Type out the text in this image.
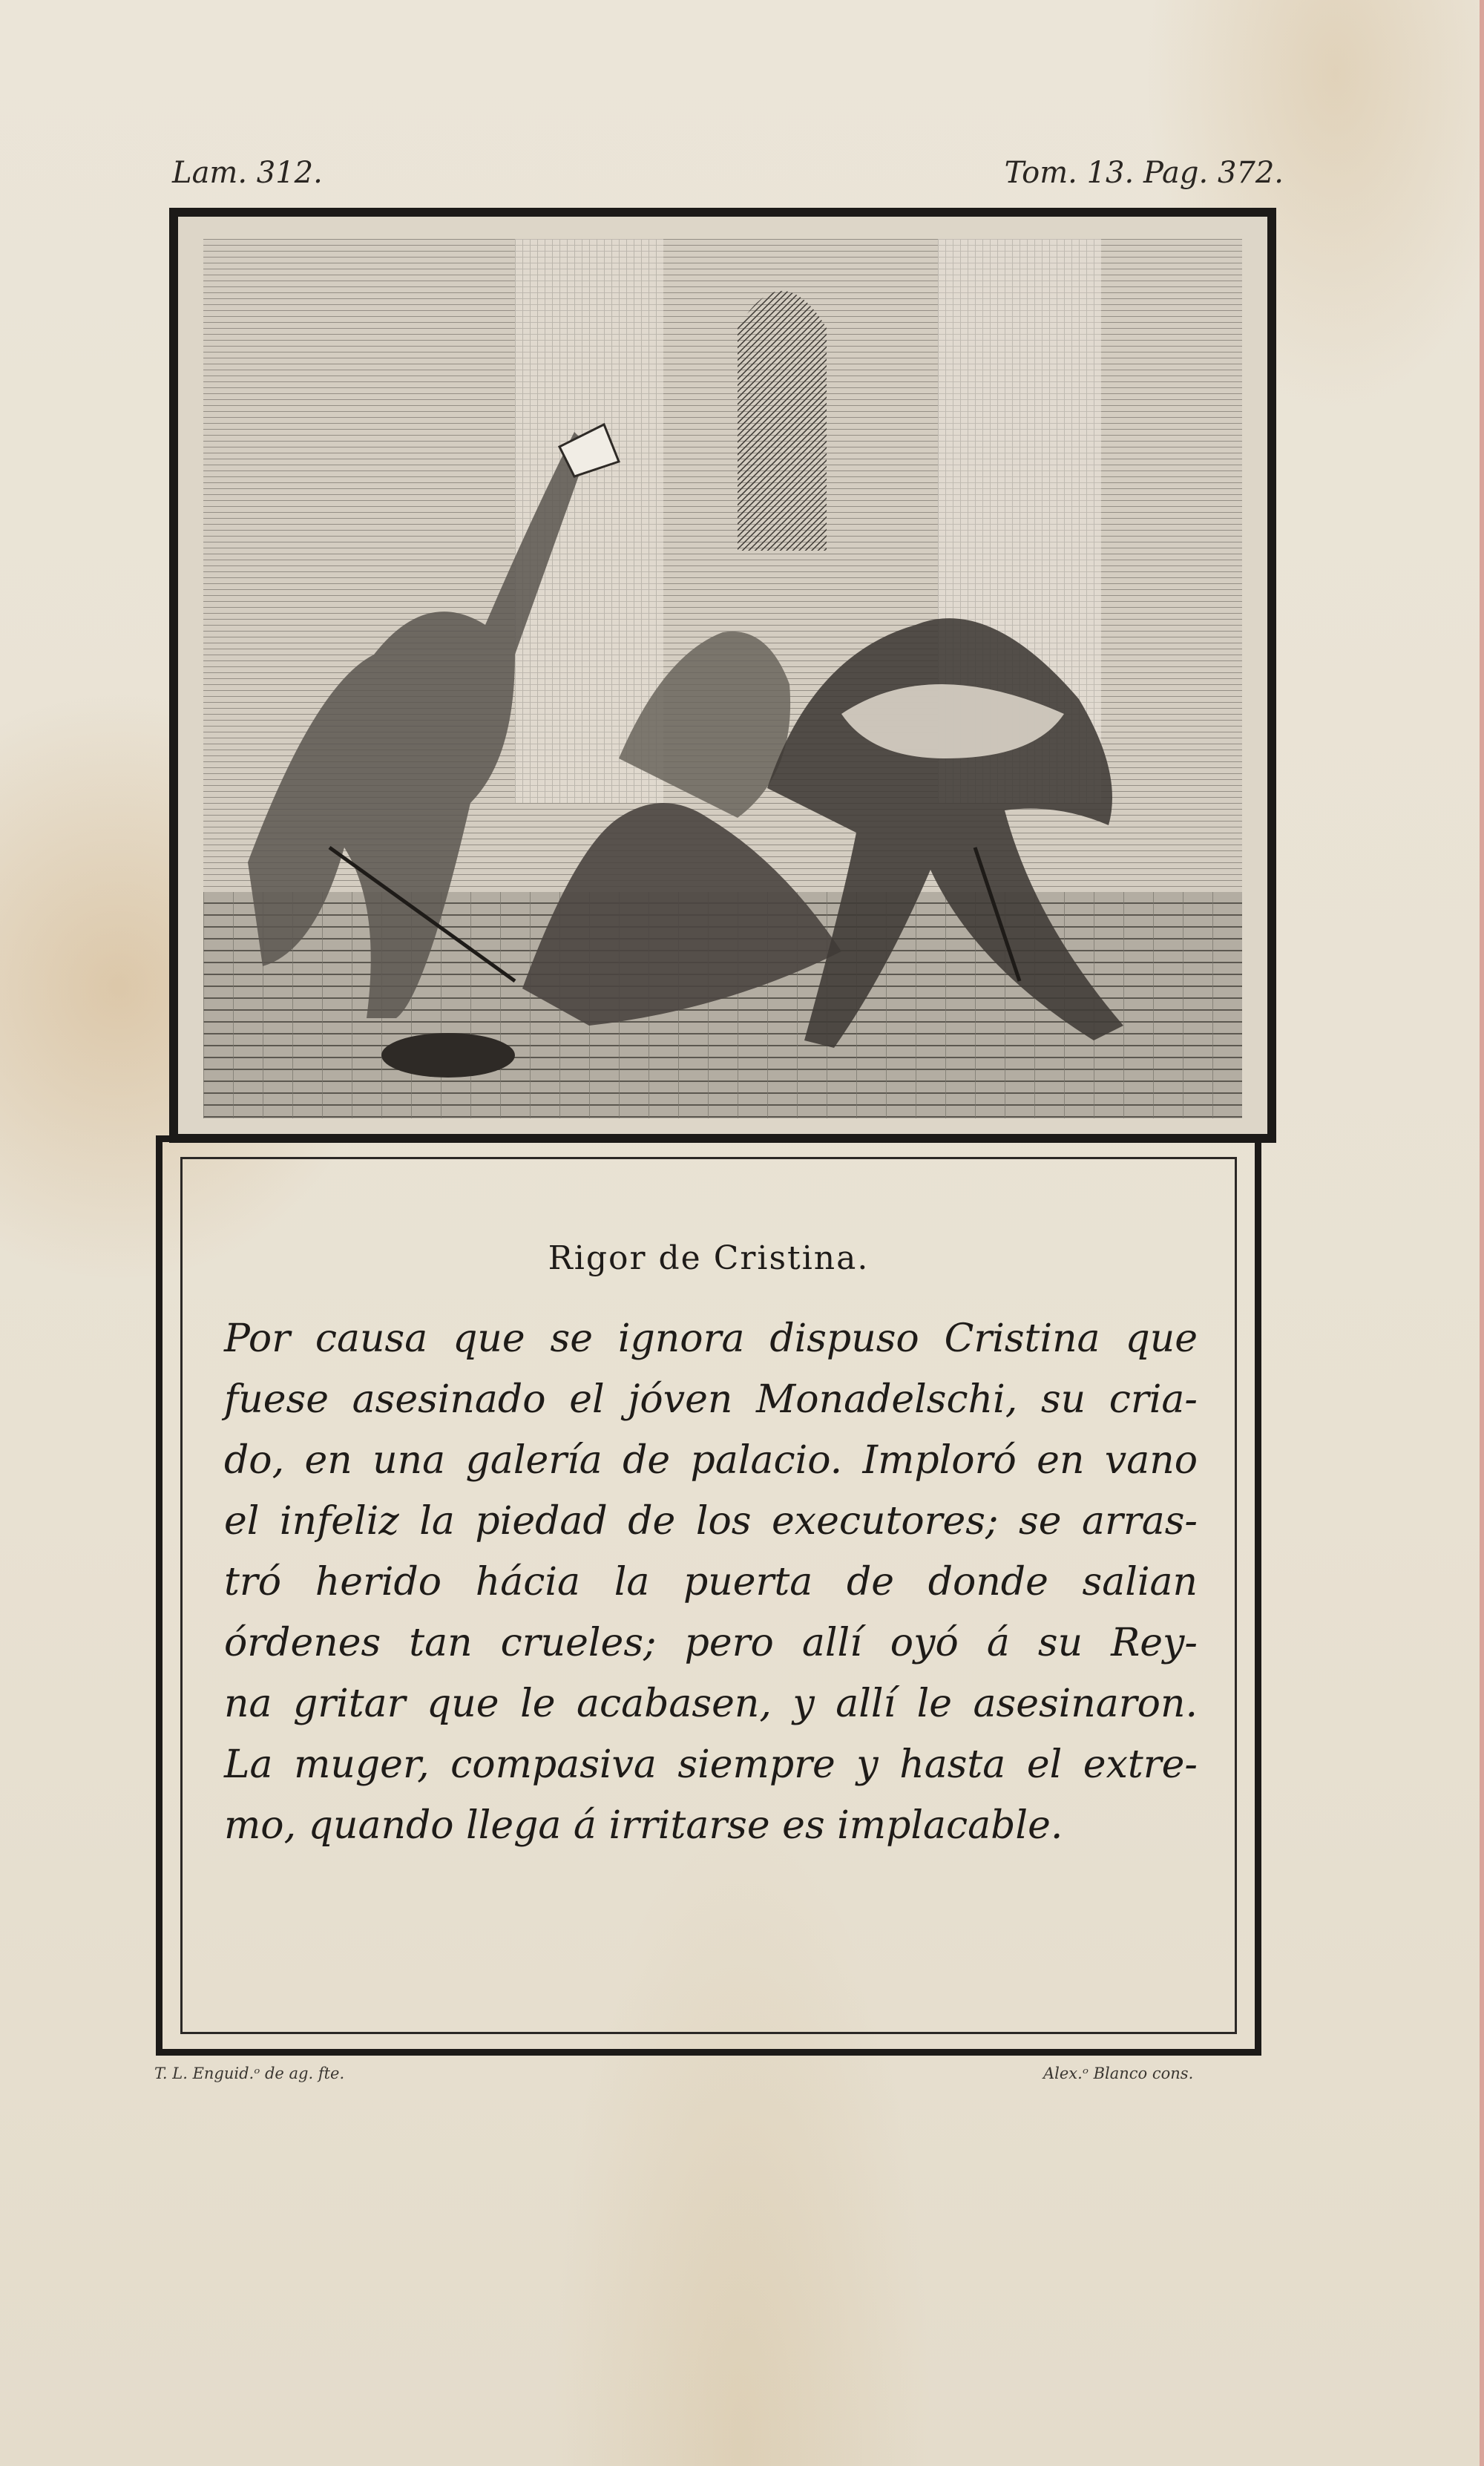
Lam. 312.	Tom. 13. Pag. 372.
Rigor de Cristina.
Por causa que se ignora dispuso Cristina que
fuese asesinado el jóven Monadelschi, su cria-
do, en una galería de palacio. Imploró en vano
el infeliz la piedad de los executores; se arras-
tró herido hácia la puerta de donde salian
órdenes tan crueles; pero allí oyó á su Rey-
na gritar que le acabasen, y allí le asesinaron.
La muger, compasiva siempre y hasta el extre-
mo, quando llega á irritarse es implacable.
T. L. Enguid.ᵒ de ag. fte.	Alex.ᵒ Blanco cons.
